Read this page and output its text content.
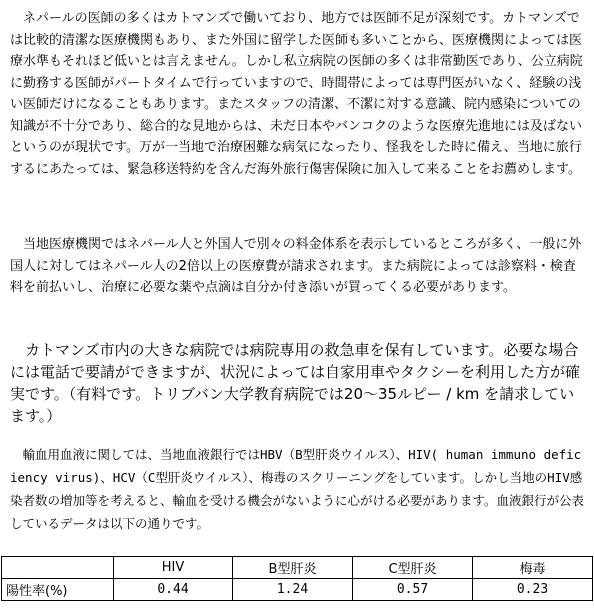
　ネパールの医師の多くはカトマンズで働いており、地方では医師不足が深刻です。カトマンズでは比較的清潔な医療機関もあり、また外国に留学した医師も多いことから、医療機関によっては医療水準もそれほど低いとは言えません。しかし私立病院の医師の多くは非常勤医であり、公立病院に勤務する医師がパートタイムで行っていますので、時間帯によっては専門医がいなく、経験の浅い医師だけになることもあります。またスタッフの清潔、不潔に対する意識、院内感染についての知識が不十分であり、総合的な見地からは、未だ日本やバンコクのような医療先進地には及ばないというのが現状です。万が一当地で治療困難な病気になったり、怪我をした時に備え、当地に旅行するにあたっては、緊急移送特約を含んだ海外旅行傷害保険に加入して来ることをお薦めします。

　当地医療機関ではネパール人と外国人で別々の料金体系を表示しているところが多く、一般に外国人に対してはネパール人の2倍以上の医療費が請求されます。また病院によっては診察料・検査料を前払いし、治療に必要な薬や点滴は自分か付き添いが買ってくる必要があります。

　カトマンズ市内の大きな病院では病院専用の救急車を保有しています。必要な場合には電話で要請ができますが、状況によっては自家用車やタクシーを利用した方が確実です。（有料です。トリブバン大学教育病院では20～35ルピー / km を請求しています。）

　輸血用血液に関しては、当地血液銀行ではHBV（B型肝炎ウイルス）、HIV( human immuno deficiency virus)、HCV（C型肝炎ウイルス）、梅毒のスクリーニングをしています。しかし当地のHIV感染者数の増加等を考えると、輸血を受ける機会がないように心がける必要があります。血液銀行が公表しているデータは以下の通りです。

	HIV	B型肝炎	C型肝炎	梅毒
陽性率(%)	0.44	1.24	0.57	0.23
